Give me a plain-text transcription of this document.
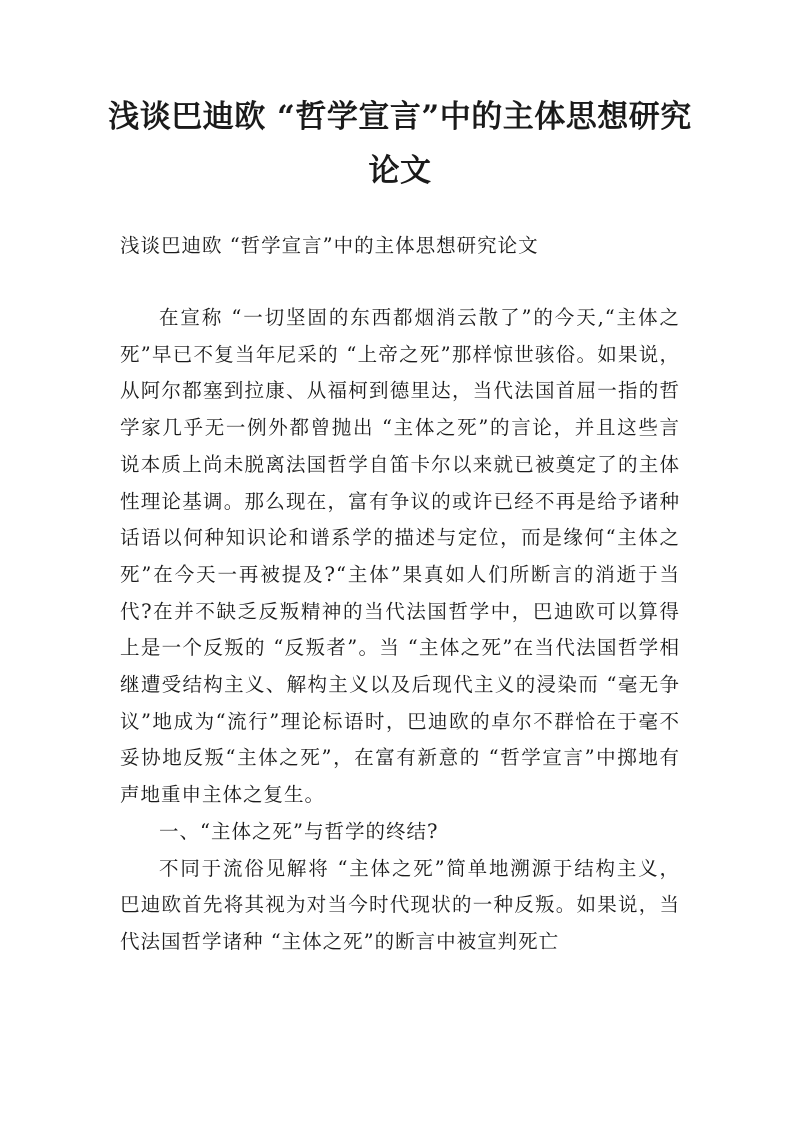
浅谈巴迪欧 “哲学宣言”中的主体思想研究
论文
浅谈巴迪欧 “哲学宣言”中的主体思想研究论文

在宣称 “一切坚固的东西都烟消云散了”的今天,“主体之死”早已不复当年尼采的 “上帝之死”那样惊世骇俗。如果说，从阿尔都塞到拉康、从福柯到德里达，当代法国首屈一指的哲学家几乎无一例外都曾抛出 “主体之死”的言论，并且这些言说本质上尚未脱离法国哲学自笛卡尔以来就已被奠定了的主体性理论基调。那么现在，富有争议的或许已经不再是给予诸种话语以何种知识论和谱系学的描述与定位，而是缘何“主体之死”在今天一再被提及?“主体”果真如人们所断言的消逝于当代?在并不缺乏反叛精神的当代法国哲学中，巴迪欧可以算得上是一个反叛的 “反叛者”。当 “主体之死”在当代法国哲学相继遭受结构主义、解构主义以及后现代主义的浸染而 “毫无争议”地成为“流行”理论标语时，巴迪欧的卓尔不群恰在于毫不妥协地反叛“主体之死”，在富有新意的 “哲学宣言”中掷地有声地重申主体之复生。

一、“主体之死”与哲学的终结?

不同于流俗见解将 “主体之死”简单地溯源于结构主义，巴迪欧首先将其视为对当今时代现状的一种反叛。如果说，当代法国哲学诸种 “主体之死”的断言中被宣判死亡
